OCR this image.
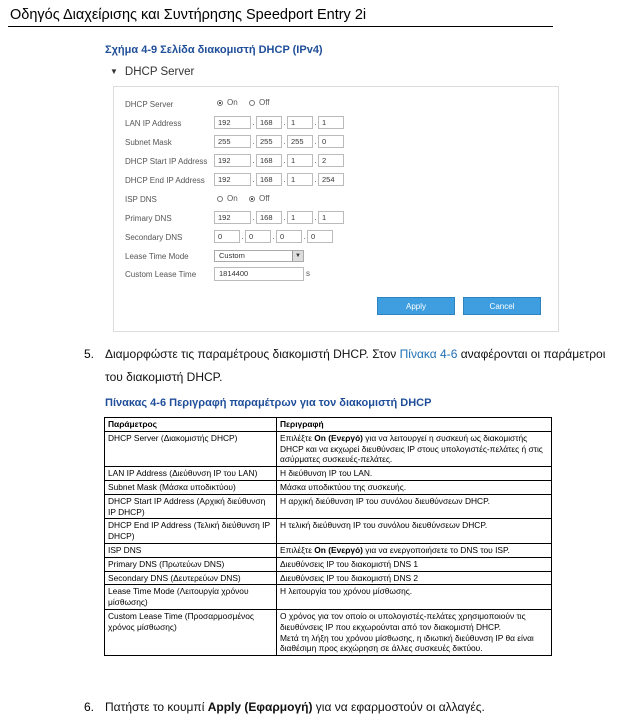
Οδηγός Διαχείρισης και Συντήρησης Speedport Entry 2i
Σχήμα 4-9 Σελίδα διακομιστή DHCP (IPv4)
▼ DHCP Server
DHCP Server	On	Off
LAN IP Address	192	. 168	. 1	. 1
Subnet Mask	255	. 255	. 255	. 0
DHCP Start IP Address	192	. 168	. 1	. 2
DHCP End IP Address	192	. 168	. 1	. 254
ISP DNS	On	Off
Primary DNS	192	. 168	. 1	. 1
Secondary DNS	0	. 0	. 0	. 0
Lease Time Mode	Custom	▼
Custom Lease Time	1814400	s
Apply	Cancel
5. Διαμορφώστε τις παραμέτρους διακομιστή DHCP. Στον Πίνακα 4-6 αναφέρονται οι παράμετροι
του διακομιστή DHCP.
Πίνακας 4-6 Περιγραφή παραμέτρων για τον διακομιστή DHCP
Παράμετρος	Περιγραφή
DHCP Server (Διακομιστής DHCP)	Επιλέξτε On (Ενεργό) για να λειτουργεί η συσκευή ως διακομιστής DHCP και να εκχωρεί διευθύνσεις IP στους υπολογιστές-πελάτες ή στις ασύρματες συσκευές-πελάτες.
LAN IP Address (Διεύθυνση IP του LAN)	Η διεύθυνση IP του LAN.
Subnet Mask (Μάσκα υποδικτύου)	Μάσκα υποδικτύου της συσκευής.
DHCP Start IP Address (Αρχική διεύθυνση IP DHCP)	Η αρχική διεύθυνση IP του συνόλου διευθύνσεων DHCP.
DHCP End IP Address (Τελική διεύθυνση IP DHCP)	Η τελική διεύθυνση IP του συνόλου διευθύνσεων DHCP.
ISP DNS	Επιλέξτε On (Ενεργό) για να ενεργοποιήσετε το DNS του ISP.
Primary DNS (Πρωτεύων DNS)	Διευθύνσεις IP του διακομιστή DNS 1
Secondary DNS (Δευτερεύων DNS)	Διευθύνσεις IP του διακομιστή DNS 2
Lease Time Mode (Λειτουργία χρόνου μίσθωσης)	Η λειτουργία του χρόνου μίσθωσης.
Custom Lease Time (Προσαρμοσμένος χρόνος μίσθωσης)	Ο χρόνος για τον οποίο οι υπολογιστές-πελάτες χρησιμοποιούν τις διευθύνσεις IP που εκχωρούνται από τον διακομιστή DHCP.
Μετά τη λήξη του χρόνου μίσθωσης, η ιδιωτική διεύθυνση IP θα είναι διαθέσιμη προς εκχώρηση σε άλλες συσκευές δικτύου.
6. Πατήστε το κουμπί Apply (Εφαρμογή) για να εφαρμοστούν οι αλλαγές.
